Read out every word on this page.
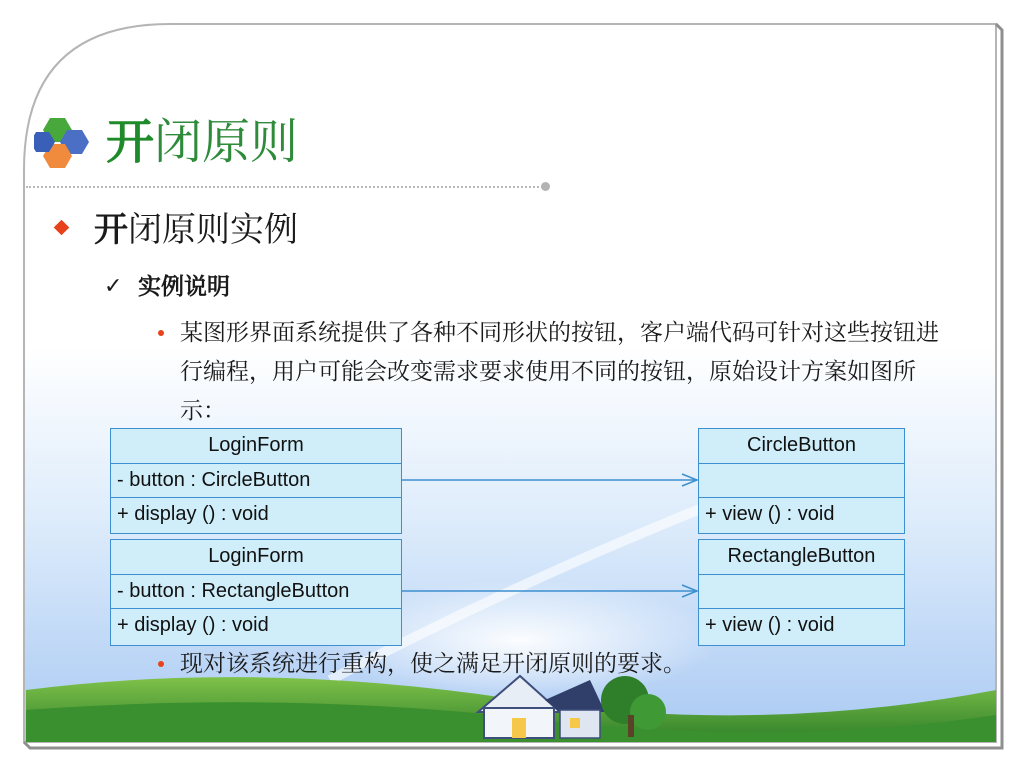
开闭原则
开闭原则实例
✓ 实例说明
某图形界面系统提供了各种不同形状的按钮，客户端代码可针对这些按钮进行编程，用户可能会改变需求要求使用不同的按钮，原始设计方案如图所示：
LoginForm
- button : CircleButton
+ display () : void
CircleButton
+ view () : void
LoginForm
- button : RectangleButton
+ display () : void
RectangleButton
+ view () : void
现对该系统进行重构，使之满足开闭原则的要求。
